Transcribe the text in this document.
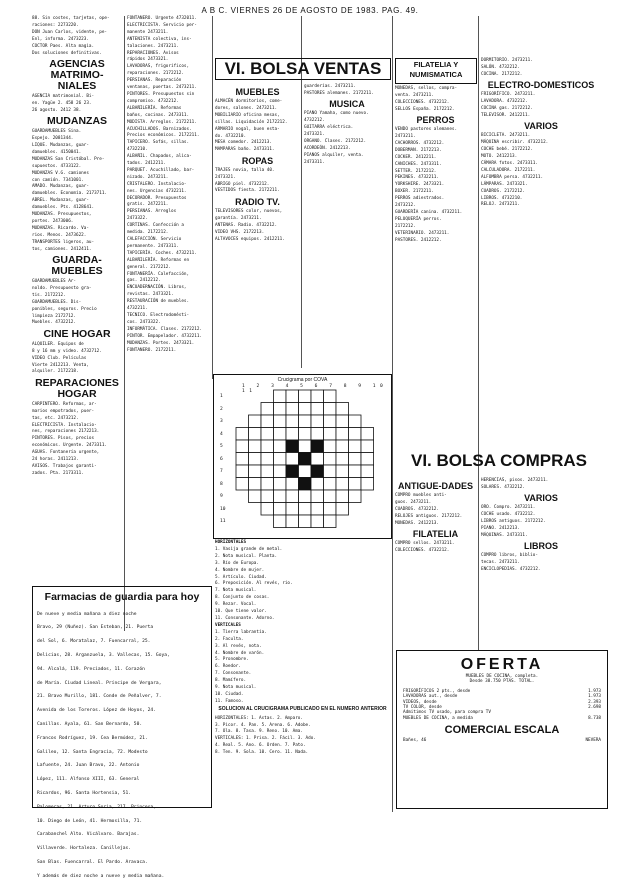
A B C. VIERNES 26 DE AGOSTO DE 1983. PAG. 49.

88. Sin costes, tarjetas, ope-

raciones: 2273220.

DON Juan Carlos, vidente, pe-

Enl, informa. 2473223.

COCTOR Paes. Alta magia.

Dos soluciones definitivas.

AGENCIAS MATRIMO-NIALES

AGENCIA matrimonial. Bi-

en. Yagüe 2. 458 26 23.

26 agosto. 2412 38.

MUDANZAS

GUARDAMUEBLES Sina.

Espejo. 2081344.

LIQUE. Mudanzas, guar-

damuebles. 4150041.

MUDANZAS San Cristóbal. Pre-

supuestos. 4733122.

MUDANZAS V.G. camiones

con camión. 7341001.

AMADO. Mudanzas, guar-

damuebles. Economía. 2173711.

ABREL. Mudanzas, guar-

damuebles. Pts. 4128641.

MUDANZAS. Presupuestos,

portes. 2473006.

MUDANZAS. Ricardo. Va-

rios. Menos. 2473622.

TRANSPORTES ligeros, au-

tos, camiones. 2412411.

GUARDA-MUEBLES

GUARDAMUEBLES Ar-

noldo. Presupuesto gra-

tis. 2172212.

GUARDAMUEBLES. Dis-

ponibles, seguros. Precio

limpieza 2172712.

Muebles. 4732212.

CINE HOGAR

ALQUILER. Equipos de

8 y 16 mm y video. 4732712.

VIDEO Club. Películas

Vierte 2412213. Venta,

alquiler. 2172218.

REPARACIONES HOGAR

CARPINTERO. Reformas, ar-

marios empotrados, puer-

tas, etc. 2473212.

ELECTRICISTA. Instalacio-

nes, reparaciones 2172213.

PINTORES. Pisos, precios

económicos. Urgente. 2473311.

AGUAS. Fontanería urgente,

24 horas. 2411213.

AVISOS. Trabajos garanti-

zados. Pta. 2173311.

FONTANERO. Urgente 4732011.

ELECTRICISTA. Servicio per-

manente 2473211.

ANTENISTA colectiva, ins-

talaciones. 2473211.

REPARACIONES. Avisos

rápidos 2473321.

LAVADORAS, frigoríficos,

reparaciones. 2172212.

PERSIANAS. Reparación

ventanas, puertas. 2473211.

PINTORES. Presupuestos sin

compromiso. 4732212.

ALBAÑILERÍA. Reformas

baños, cocinas. 2473311.

MODISTA. Arreglos. 2172211.

ACUCHILLADOS. Barnizados.

Precios económicos. 2172211.

TAPICERO. Sofás, sillas.

4732210.

ALBAÑIL. Chapados, alica-

tados. 2412211.

PARQUET. Acuchillado, bar-

nizado. 2473211.

CRISTALERO. Instalacio-

nes. Urgencias 4732211.

DECORADOR. Presupuestos

gratis. 2472211.

PERSIANAS. Arreglos

2473322.

CORTINAS. Confección a

medida. 2172212.

CALEFACCIÓN. Servicio

permanente. 2473311.

TAPICERÍA. Coches. 4732211.

ALBAÑILERÍA. Reformas en

general. 2172212.

FONTANERÍA. Calefacción,

gas. 2412212.

ENCUADERNACIÓN. Libros,

revistas. 2473321.

RESTAURACIÓN de muebles.

4732211.

TECNICO. Electrodomésti-

cos. 2473322.

INFORMÁTICA. Clases. 2172212.

PINTOR. Empapelador. 4732211.

MUDANZAS. Portes. 2473321.

FONTANERO. 2172211.

Farmacias de guardia para hoy

De nueve y media mañana a diez noche

Bravo, 29 (Nuñez). San Esteban, 21. Puerta

del Sol, 6. Moratalaz, 7. Fuencarral, 25.

Delicias, 28. Arganzuela, 3. Vallecas, 15. Goya,

94. Alcalá, 119. Preciados, 11. Corazón

de María. Ciudad Lineal. Príncipe de Vergara,

21. Bravo Murillo, 181. Conde de Peñalver, 7.

Avenida de los Toreros. López de Hoyos, 24.

Canillas. Ayala, 61. San Bernardo, 50.

Francos Rodríguez, 19. Cea Bermúdez, 21.

Galileo, 12. Santa Engracia, 72. Modesto

Lafuente, 24. Juan Bravo, 22. Antonio

López, 111. Alfonso XIII, 63. General

Ricardos, 96. Santa Hortensia, 51.

Palomeras, 21. Arturo Soria, 217. Princesa,

10. Diego de León, 41. Hermosilla, 71.

Carabanchel Alto. Vicálvaro. Barajas.

Villaverde. Hortaleza. Canillejas.

San Blas. Fuencarral. El Pardo. Aravaca.

Y además de diez noche a nueve y media mañana.

VI. BOLSA VENTAS
MUEBLES

ALMACÉN dormitorios, come-

dores, salones. 2473211.

MOBILIARIO oficina mesas,

sillas. Liquidación 2172212.

ARMARIO nogal, buen esta-

do. 4732210.

MESA comedor. 2412213.

MAMPARAS baño. 2473311.

ROPAS

TRAJES novia, talla 40.

2473321.

ABRIGO piel. 4732212.

VESTIDOS fiesta. 2172211.

RADIO TV.

TELEVISORES color, nuevos,

garantía. 2473211.

ANTENAS. Radio. 4732212.

VIDEO VHS. 2172213.

ALTAVOCES equipos. 2412211.

guarderías. 2473211.

PASTORES alemanes. 2172211.

MUSICA

PIANO Yamaha, como nuevo.

4732212.

GUITARRA eléctrica.

2473321.

ORGANO. Clases. 2172212.

ACORDEÓN. 2412213.

PIANOS alquiler, venta.

2473311.

FILATELIA Y NUMISMATICA

MONEDAS, sellos, compra-

venta. 2473211.

COLECCIONES. 4732212.

SELLOS España. 2172212.

PERROS

VENDO pastores alemanes.

2473211.

CACHORROS. 4732212.

DOBERMAN. 2172213.

COCKER. 2412211.

CANICHES. 2473311.

SETTER. 2172212.

PEKINES. 4732211.

YORKSHIRE. 2473321.

BOXER. 2172211.

PERROS adiestrados.

2473212.

GUARDERÍA canina. 4732211.

PELUQUERÍA perros.

2172212.

VETERINARIO. 2473211.

PASTORES. 2412212.

DORMITORIO. 2473211.

SALÓN. 4732212.

COCINA. 2172212.

ELECTRO-DOMESTICOS

FRIGORÍFICO. 2473211.

LAVADORA. 4732212.

COCINA gas. 2172212.

TELEVISOR. 2412211.

VARIOS

BICICLETA. 2473211.

MÁQUINA escribir. 4732212.

COCHE bebé. 2172212.

MOTO. 2412213.

CÁMARA fotos. 2473311.

CALCULADORA. 2172211.

ALFOMBRA persa. 4732211.

LÁMPARAS. 2473321.

CUADROS. 2172212.

LIBROS. 4732210.

RELOJ. 2473211.

Crucigrama por COVA
1 2 3 4 5 6 7 8 9 10 11
1
2
3
4
5
6
7
8
9
10
11

HORIZONTALES

1. Vasija grande de metal.

2. Nota musical. Planta.

3. Río de Europa.

4. Nombre de mujer.

5. Artículo. Ciudad.

6. Preposición. Al revés, río.

7. Nota musical.

8. Conjunto de cosas.

9. Rezar. Vocal.

10. Que tiene valor.

11. Consonante. Adorno.

VERTICALES

1. Tierra labrantía.

2. Faculta.

3. Al revés, nota.

4. Nombre de varón.

5. Pronombre.

6. Roedor.

7. Consonante.

8. Mamífero.

9. Nota musical.

10. Ciudad.

11. Famoso.

SOLUCION AL CRUCIGRAMA PUBLICADO EN EL NUMERO ANTERIOR

HORIZONTALES: 1. Astas. 2. Amparo.

3. Picor. 4. Pan. 5. Arena. 6. Adobe.

7. Ola. 8. Tasa. 9. Reno. 10. Ama.

VERTICALES: 1. Prisa. 2. Fácil. 3. Ado.

4. Real. 5. Ano. 6. Orden. 7. Pato.

8. Ten. 9. Sola. 10. Cero. 11. Nada.

VI. BOLSA COMPRAS
ANTIGUE-DADES

COMPRO muebles anti-

guos. 2473211.

CUADROS. 4732212.

RELOJES antiguos. 2172212.

MONEDAS. 2412213.

FILATELIA

COMPRO sellos. 2473211.

COLECCIONES. 4732212.

HERENCIAS, pisos. 2473211.

SOLARES. 4732212.

VARIOS

ORO. Compro. 2473211.

COCHE usado. 4732212.

LIBROS antiguos. 2172212.

PIANO. 2412213.

MÁQUINAS. 2473311.

LIBROS

COMPRO libros, biblio-

tecas. 2473211.

ENCICLOPEDIAS. 4732212.

OFERTA
MUEBLES DE COCINA, completa.
Desde 38.750 PTAS. TOTAL.
FRIGORÍFICOS 2 pts., desde	1.973
LAVADORAS aut., desde	1.973
VIDEOS, desde	2.393
TV COLOR, desde	2.698
Admitimos TV usado, para compra TV
MUEBLES DE COCINA, a medida	8.738
COMERCIAL ESCALA
Bañes, 46	NEVERA
